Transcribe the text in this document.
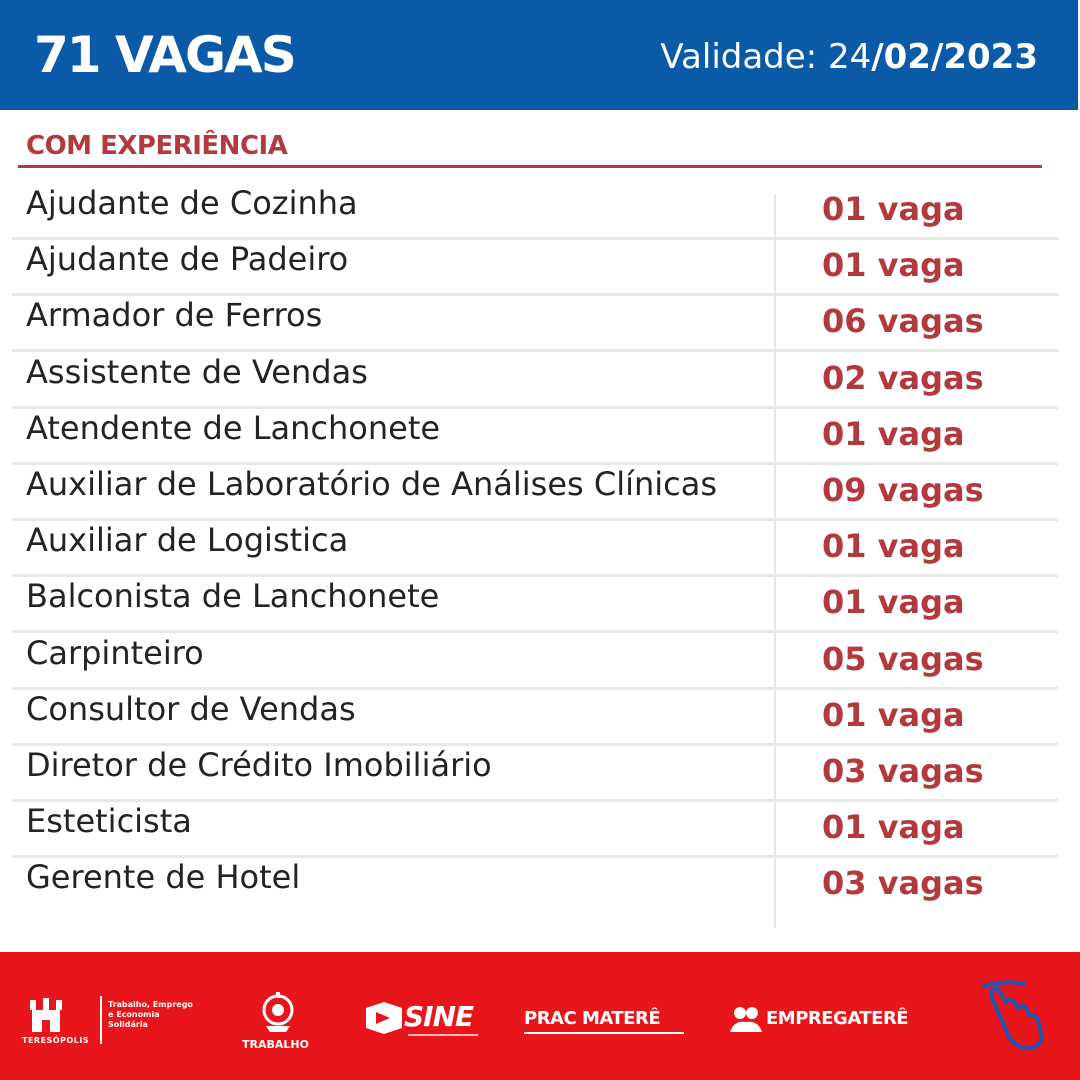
71 VAGAS	Validade: 24/02/2023
COM EXPERIÊNCIA
Ajudante de Cozinha	01 vaga
Ajudante de Padeiro	01 vaga
Armador de Ferros	06 vagas
Assistente de Vendas	02 vagas
Atendente de Lanchonete	01 vaga
Auxiliar de Laboratório de Análises Clínicas	09 vagas
Auxiliar de Logistica	01 vaga
Balconista de Lanchonete	01 vaga
Carpinteiro	05 vagas
Consultor de Vendas	01 vaga
Diretor de Crédito Imobiliário	03 vagas
Esteticista	01 vaga
Gerente de Hotel	03 vagas
TERESÓPOLIS
Trabalho, Emprego e Economia Solidária
TRABALHO
SINE	PRAC MATERÊ	EMPREGATERÊ
